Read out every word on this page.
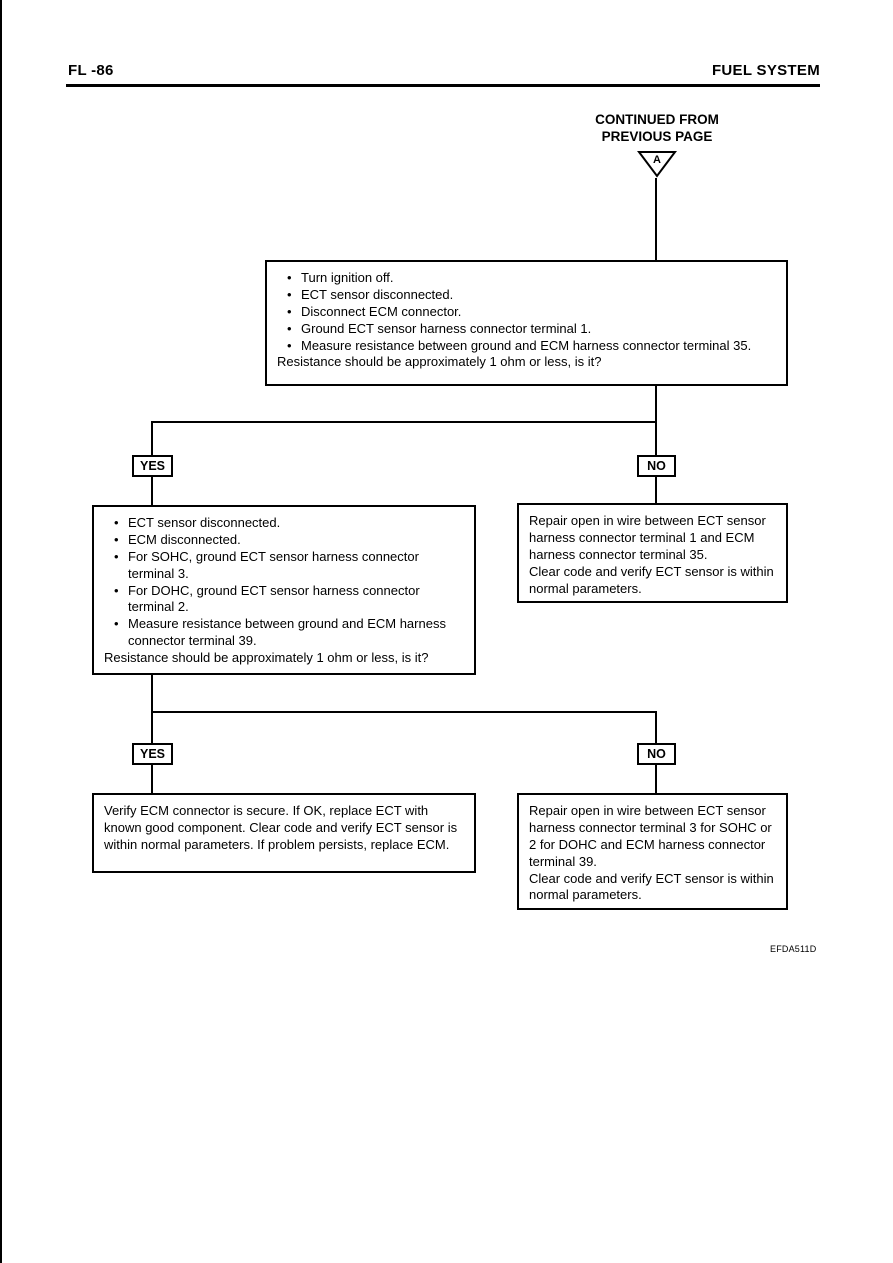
FL -86	FUEL SYSTEM
CONTINUED FROM
PREVIOUS PAGE
A
• Turn ignition off.
• ECT sensor disconnected.
• Disconnect ECM connector.
• Ground ECT sensor harness connector terminal 1.
• Measure resistance between ground and ECM harness connector terminal 35.
Resistance should be approximately 1 ohm or less, is it?
YES	NO
• ECT sensor disconnected.
• ECM disconnected.
• For SOHC, ground ECT sensor harness connector terminal 3.
• For DOHC, ground ECT sensor harness connector terminal 2.
• Measure resistance between ground and ECM harness connector terminal 39.
Resistance should be approximately 1 ohm or less, is it?
Repair open in wire between ECT sensor harness connector terminal 1 and ECM harness connector terminal 35.
Clear code and verify ECT sensor is within normal parameters.
YES	NO
Verify ECM connector is secure. If OK, replace ECT with known good component. Clear code and verify ECT sensor is within normal parameters. If problem persists, replace ECM.
Repair open in wire between ECT sensor harness connector terminal 3 for SOHC or 2 for DOHC and ECM harness connector terminal 39.
Clear code and verify ECT sensor is within normal parameters.
EFDA511D
